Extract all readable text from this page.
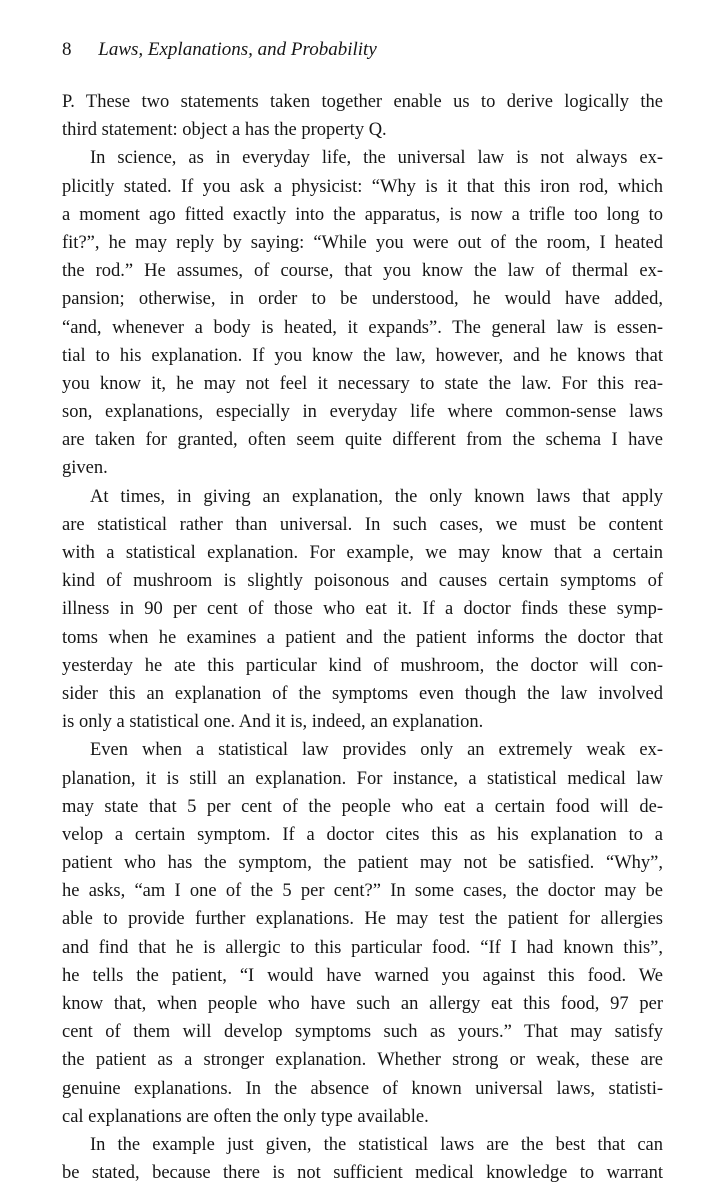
8 Laws, Explanations, and Probability
P. These two statements taken together enable us to derive logically the
third statement: object a has the property Q.
In science, as in everyday life, the universal law is not always ex-
plicitly stated. If you ask a physicist: “Why is it that this iron rod, which
a moment ago fitted exactly into the apparatus, is now a trifle too long to
fit?”, he may reply by saying: “While you were out of the room, I heated
the rod.” He assumes, of course, that you know the law of thermal ex-
pansion; otherwise, in order to be understood, he would have added,
“and, whenever a body is heated, it expands”. The general law is essen-
tial to his explanation. If you know the law, however, and he knows that
you know it, he may not feel it necessary to state the law. For this rea-
son, explanations, especially in everyday life where common-sense laws
are taken for granted, often seem quite different from the schema I have
given.
At times, in giving an explanation, the only known laws that apply
are statistical rather than universal. In such cases, we must be content
with a statistical explanation. For example, we may know that a certain
kind of mushroom is slightly poisonous and causes certain symptoms of
illness in 90 per cent of those who eat it. If a doctor finds these symp-
toms when he examines a patient and the patient informs the doctor that
yesterday he ate this particular kind of mushroom, the doctor will con-
sider this an explanation of the symptoms even though the law involved
is only a statistical one. And it is, indeed, an explanation.
Even when a statistical law provides only an extremely weak ex-
planation, it is still an explanation. For instance, a statistical medical law
may state that 5 per cent of the people who eat a certain food will de-
velop a certain symptom. If a doctor cites this as his explanation to a
patient who has the symptom, the patient may not be satisfied. “Why”,
he asks, “am I one of the 5 per cent?” In some cases, the doctor may be
able to provide further explanations. He may test the patient for allergies
and find that he is allergic to this particular food. “If I had known this”,
he tells the patient, “I would have warned you against this food. We
know that, when people who have such an allergy eat this food, 97 per
cent of them will develop symptoms such as yours.” That may satisfy
the patient as a stronger explanation. Whether strong or weak, these are
genuine explanations. In the absence of known universal laws, statisti-
cal explanations are often the only type available.
In the example just given, the statistical laws are the best that can
be stated, because there is not sufficient medical knowledge to warrant
